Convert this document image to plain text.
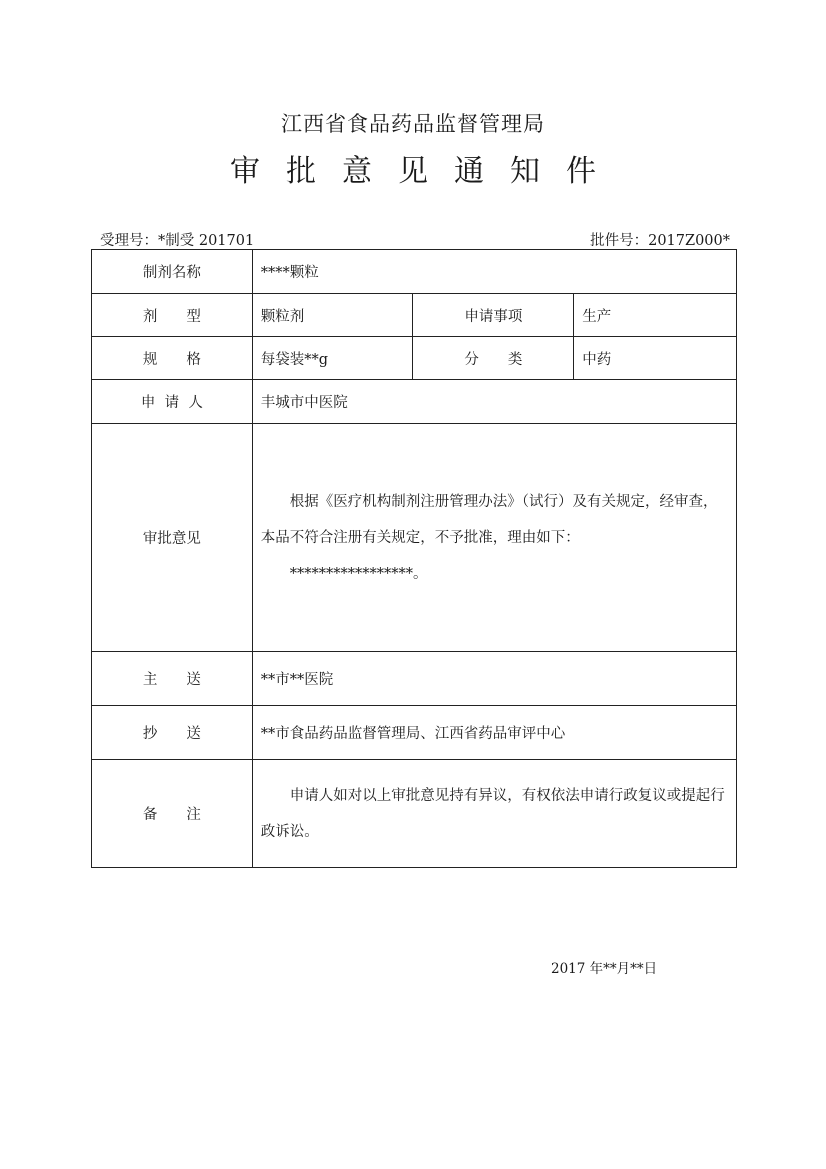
江西省食品药品监督管理局
审批意见通知件
受理号：*制受 201701	批件号：2017Z000*
制剂名称	****颗粒		

剂 型	颗粒剂	申请事项	生产

规 格	每袋装**g	分 类	中药

申 请 人	丰城市中医院		
审批意见	根据《医疗机构制剂注册管理办法》（试行）及有关规定，经审查，本品不符合注册有关规定，不予批准，理由如下：
*****************。		

主 送	**市**医院		

抄 送	**市食品药品监督管理局、江西省药品审评中心		

备 注	申请人如对以上审批意见持有异议，有权依法申请行政复议或提起行政诉讼。		
2017 年**月**日
